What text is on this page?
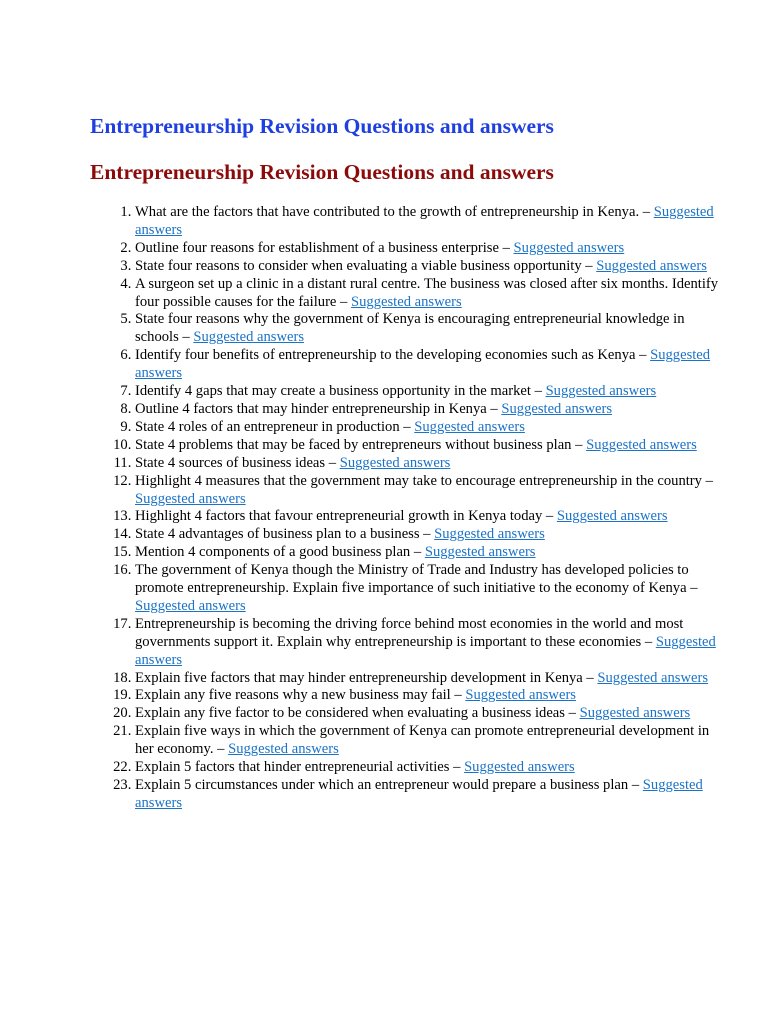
Entrepreneurship Revision Questions and answers
Entrepreneurship Revision Questions and answers
1. What are the factors that have contributed to the growth of entrepreneurship in Kenya. – Suggested answers
2. Outline four reasons for establishment of a business enterprise – Suggested answers
3. State four reasons to consider when evaluating a viable business opportunity – Suggested answers
4. A surgeon set up a clinic in a distant rural centre. The business was closed after six months. Identify four possible causes for the failure – Suggested answers
5. State four reasons why the government of Kenya is encouraging entrepreneurial knowledge in schools – Suggested answers
6. Identify four benefits of entrepreneurship to the developing economies such as Kenya – Suggested answers
7. Identify 4 gaps that may create a business opportunity in the market – Suggested answers
8. Outline 4 factors that may hinder entrepreneurship in Kenya – Suggested answers
9. State 4 roles of an entrepreneur in production – Suggested answers
10. State 4 problems that may be faced by entrepreneurs without business plan – Suggested answers
11. State 4 sources of business ideas – Suggested answers
12. Highlight 4 measures that the government may take to encourage entrepreneurship in the country – Suggested answers
13. Highlight 4 factors that favour entrepreneurial growth in Kenya today – Suggested answers
14. State 4 advantages of business plan to a business – Suggested answers
15. Mention 4 components of a good business plan – Suggested answers
16. The government of Kenya though the Ministry of Trade and Industry has developed policies to promote entrepreneurship. Explain five importance of such initiative to the economy of Kenya – Suggested answers
17. Entrepreneurship is becoming the driving force behind most economies in the world and most governments support it. Explain why entrepreneurship is important to these economies – Suggested answers
18. Explain five factors that may hinder entrepreneurship development in Kenya – Suggested answers
19. Explain any five reasons why a new business may fail – Suggested answers
20. Explain any five factor to be considered when evaluating a business ideas – Suggested answers
21. Explain five ways in which the government of Kenya can promote entrepreneurial development in her economy. – Suggested answers
22. Explain 5 factors that hinder entrepreneurial activities – Suggested answers
23. Explain 5 circumstances under which an entrepreneur would prepare a business plan – Suggested answers
